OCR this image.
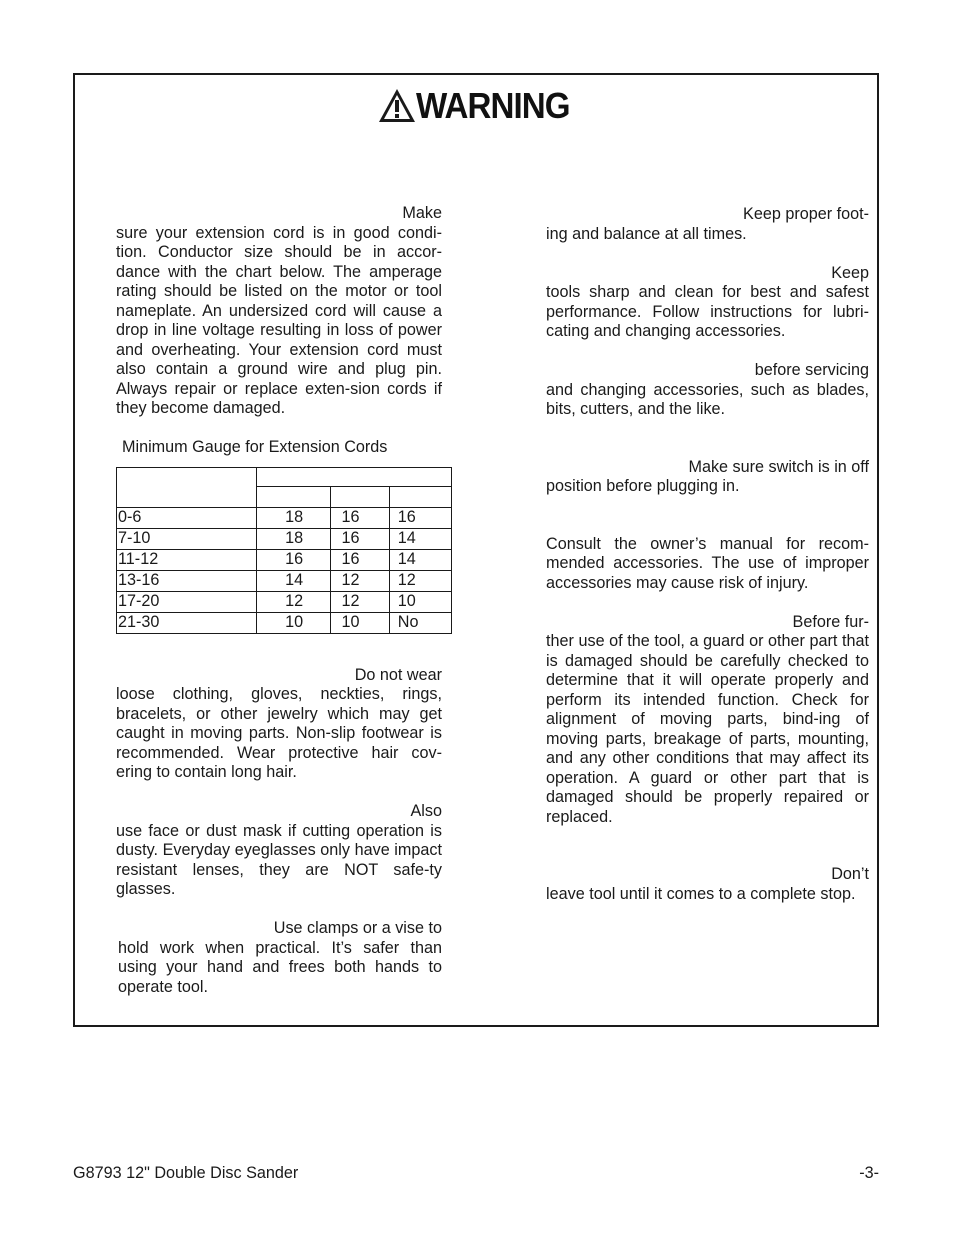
WARNING

Make
sure your extension cord is in good condi-tion. Conductor size should be in accor-dance with the chart below. The amperage rating should be listed on the motor or tool nameplate. An undersized cord will cause a drop in line voltage resulting in loss of power and overheating. Your extension cord must also contain a ground wire and plug pin. Always repair or replace exten-sion cords if they become damaged.

Minimum Gauge for Extension Cords

0-6	18	16	16
7-10	18	16	14
11-12	16	16	14
13-16	14	12	12
17-20	12	12	10
21-30	10	10	No

Do not wear
loose clothing, gloves, neckties, rings, bracelets, or other jewelry which may get caught in moving parts. Non-slip footwear is recommended. Wear protective hair cov-ering to contain long hair.

Also
use face or dust mask if cutting operation is dusty. Everyday eyeglasses only have impact resistant lenses, they are NOT safe-ty glasses.

Use clamps or a vise to
hold work when practical. It’s safer than using your hand and frees both hands to operate tool.

Keep proper foot-
ing and balance at all times.

Keep
tools sharp and clean for best and safest performance. Follow instructions for lubri-cating and changing accessories.

before servicing
and changing accessories, such as blades, bits, cutters, and the like.

Make sure switch is in off
position before plugging in.

Consult the owner’s manual for recom-mended accessories. The use of improper accessories may cause risk of injury.

Before fur-
ther use of the tool, a guard or other part that is damaged should be carefully checked to determine that it will operate properly and perform its intended function. Check for alignment of moving parts, bind-ing of moving parts, breakage of parts, mounting, and any other conditions that may affect its operation. A guard or other part that is damaged should be properly repaired or replaced.

Don’t
leave tool until it comes to a complete stop.

G8793 12" Double Disc Sander	-3-
